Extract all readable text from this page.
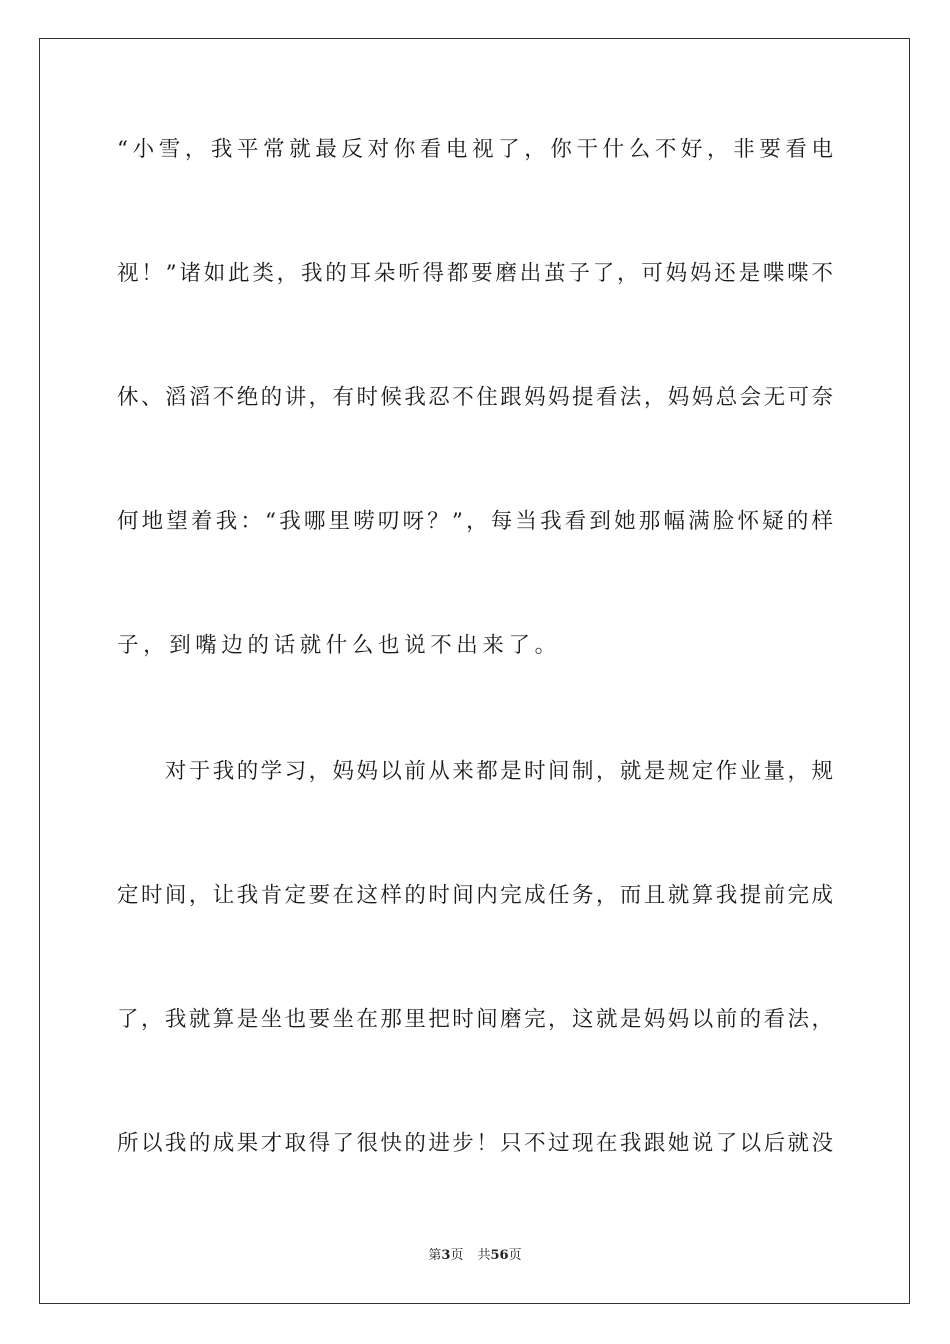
“小雪，我平常就最反对你看电视了，你干什么不好，非要看电
视！”诸如此类，我的耳朵听得都要磨出茧子了，可妈妈还是喋喋不
休、滔滔不绝的讲，有时候我忍不住跟妈妈提看法，妈妈总会无可奈
何地望着我：“我哪里唠叨呀？”，每当我看到她那幅满脸怀疑的样
子，到嘴边的话就什么也说不出来了。
　　对于我的学习，妈妈以前从来都是时间制，就是规定作业量，规
定时间，让我肯定要在这样的时间内完成任务，而且就算我提前完成
了，我就算是坐也要坐在那里把时间磨完，这就是妈妈以前的看法，
所以我的成果才取得了很快的进步！只不过现在我跟她说了以后就没
第3页 共56页
